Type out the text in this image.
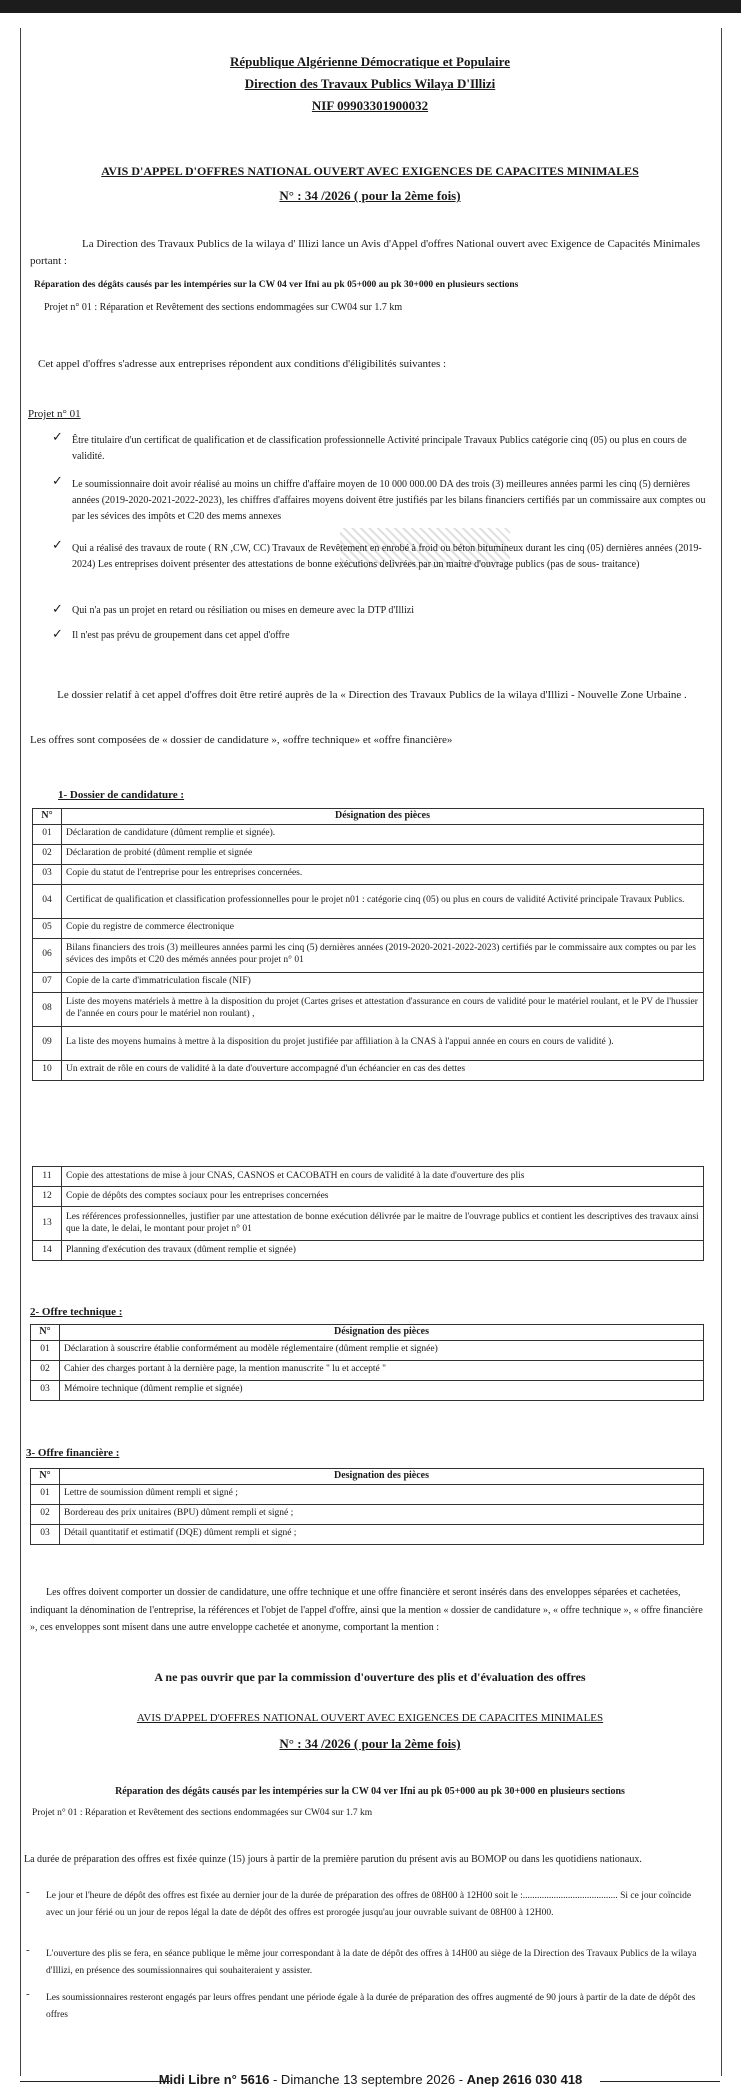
République Algérienne Démocratique et Populaire
Direction des Travaux Publics Wilaya D'Illizi
NIF 09903301900032
AVIS D'APPEL D'OFFRES NATIONAL OUVERT AVEC EXIGENCES DE CAPACITES MINIMALES
N° : 34 /2026 ( pour la 2ème fois)
La Direction des Travaux Publics de la wilaya d' Illizi lance un Avis d'Appel d'offres National ouvert avec Exigence de Capacités Minimales portant :
Réparation des dégâts causés par les intempéries sur la CW 04 ver Ifni au pk 05+000 au pk 30+000 en plusieurs sections
Projet n° 01 : Réparation et Revêtement des sections endommagées sur CW04 sur 1.7 km
Cet appel d'offres s'adresse aux entreprises répondent aux conditions d'éligibilités suivantes :
Projet n° 01
✓ Être titulaire d'un certificat de qualification et de classification professionnelle Activité principale Travaux Publics catégorie cinq (05) ou plus en cours de validité.
✓ Le soumissionnaire doit avoir réalisé au moins un chiffre d'affaire moyen de 10 000 000.00 DA des trois (3) meilleures années parmi les cinq (5) dernières années (2019-2020-2021-2022-2023), les chiffres d'affaires moyens doivent être justifiés par les bilans financiers certifiés par un commissaire aux comptes ou par les sévices des impôts et C20 des mems annexes
✓ Qui a réalisé des travaux de route ( RN ,CW, CC) Travaux de Revêtement en enrobé à froid ou béton bitumineux durant les cinq (05) dernières années (2019-2024) Les entreprises doivent présenter des attestations de bonne exécutions delivrées par un maitre d'ouvrage publics (pas de sous- traitance)
✓ Qui n'a pas un projet en retard ou résiliation ou mises en demeure avec la DTP d'Illizi
✓ Il n'est pas prévu de groupement dans cet appel d'offre
Le dossier relatif à cet appel d'offres doit être retiré auprès de la « Direction des Travaux Publics de la wilaya d'Illizi - Nouvelle Zone Urbaine .
Les offres sont composées de « dossier de candidature », «offre technique» et «offre financière»
1- Dossier de candidature :
N°	Désignation des pièces
01	Déclaration de candidature (dûment remplie et signée).
02	Déclaration de probité (dûment remplie et signée
03	Copie du statut de l'entreprise pour les entreprises concernées.
04	Certificat de qualification et classification professionnelles pour le projet n01 : catégorie cinq (05) ou plus en cours de validité Activité principale Travaux Publics.
05	Copie du registre de commerce électronique
06	Bilans financiers des trois (3) meilleures années parmi les cinq (5) dernières années (2019-2020-2021-2022-2023) certifiés par le commissaire aux comptes ou par les sévices des impôts et C20 des mémés années pour projet n° 01
07	Copie de la carte d'immatriculation fiscale (NIF)
08	Liste des moyens matériels à mettre à la disposition du projet (Cartes grises et attestation d'assurance en cours de validité pour le matériel roulant, et le PV de l'hussier de l'année en cours pour le matériel non roulant) ,
09	La liste des moyens humains à mettre à la disposition du projet justifiée par affiliation à la CNAS à l'appui année en cours en cours de validité ).
10	Un extrait de rôle en cours de validité à la date d'ouverture accompagné d'un échéancier en cas des dettes
11	Copie des attestations de mise à jour CNAS, CASNOS et CACOBATH en cours de validité à la date d'ouverture des plis
12	Copie de dépôts des comptes sociaux pour les entreprises concernées
13	Les références professionnelles, justifier par une attestation de bonne exécution délivrée par le maitre de l'ouvrage publics et contient les descriptives des travaux ainsi que la date, le delai, le montant pour projet n° 01
14	Planning d'exécution des travaux (dûment remplie et signée)
2- Offre technique :
N°	Désignation des pièces
01	Déclaration à souscrire établie conformément au modèle réglementaire (dûment remplie et signée)
02	Cahier des charges portant à la dernière page, la mention manuscrite " lu et accepté "
03	Mémoire technique (dûment remplie et signée)
3- Offre financière :
N°	Designation des pièces
01	Lettre de soumission dûment rempli et signé ;
02	Bordereau des prix unitaires (BPU) dûment rempli et signé ;
03	Détail quantitatif et estimatif (DQE) dûment rempli et signé ;
Les offres doivent comporter un dossier de candidature, une offre technique et une offre financière et seront insérés dans des enveloppes séparées et cachetées, indiquant la dénomination de l'entreprise, la références et l'objet de l'appel d'offre, ainsi que la mention « dossier de candidature », « offre technique », « offre financière », ces enveloppes sont misent dans une autre enveloppe cachetée et anonyme, comportant la mention :
A ne pas ouvrir que par la commission d'ouverture des plis et d'évaluation des offres
AVIS D'APPEL D'OFFRES NATIONAL OUVERT AVEC EXIGENCES DE CAPACITES MINIMALES
N° : 34 /2026 ( pour la 2ème fois)
Réparation des dégâts causés par les intempéries sur la CW 04 ver Ifni au pk 05+000 au pk 30+000 en plusieurs sections
Projet n° 01 : Réparation et Revêtement des sections endommagées sur CW04 sur 1.7 km
La durée de préparation des offres est fixée quinze (15) jours à partir de la première parution du présent avis au BOMOP ou dans les quotidiens nationaux.
- Le jour et l'heure de dépôt des offres est fixée au dernier jour de la durée de préparation des offres de 08H00 à 12H00 soit le :........................................ Si ce jour coïncide avec un jour férié ou un jour de repos légal la date de dépôt des offres est prorogée jusqu'au jour ouvrable suivant de 08H00 à 12H00.
- L'ouverture des plis se fera, en séance publique le même jour correspondant à la date de dépôt des offres à 14H00 au siège de la Direction des Travaux Publics de la wilaya d'Illizi, en présence des soumissionnaires qui souhaiteraient y assister.
- Les soumissionnaires resteront engagés par leurs offres pendant une période égale à la durée de préparation des offres augmenté de 90 jours à partir de la date de dépôt des offres
Midi Libre n° 5616 - Dimanche 13 septembre 2026 - Anep 2616 030 418
